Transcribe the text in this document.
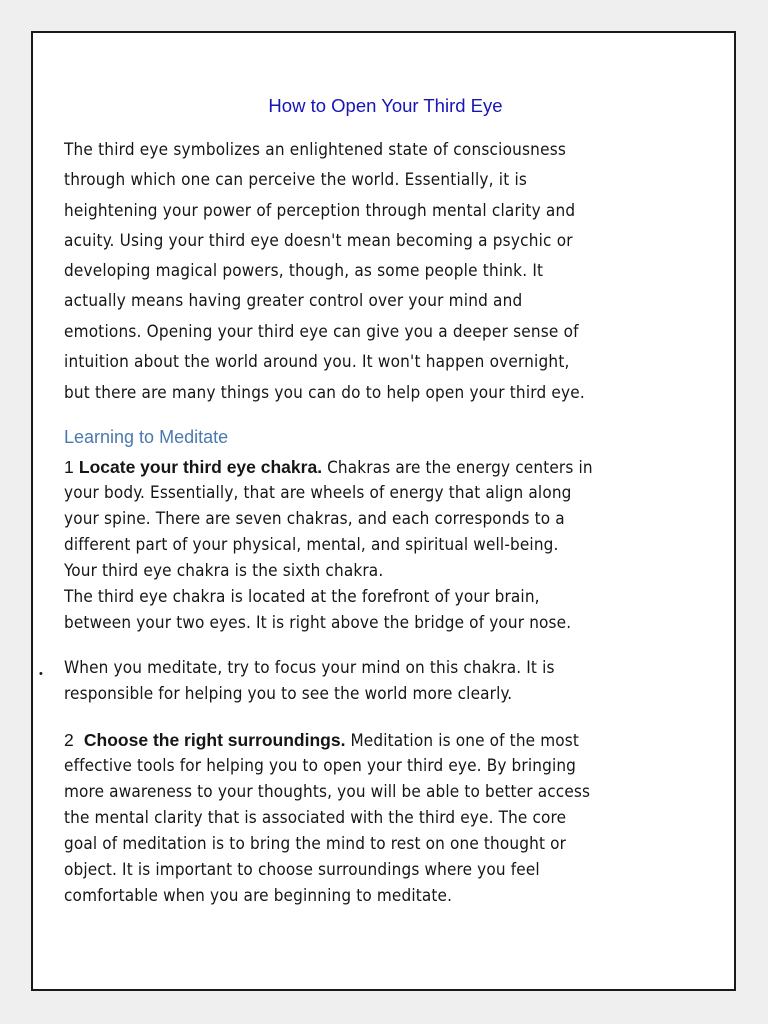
How to Open Your Third Eye
The third eye symbolizes an enlightened state of consciousness
through which one can perceive the world. Essentially, it is
heightening your power of perception through mental clarity and
acuity. Using your third eye doesn't mean becoming a psychic or
developing magical powers, though, as some people think. It
actually means having greater control over your mind and
emotions. Opening your third eye can give you a deeper sense of
intuition about the world around you. It won't happen overnight,
but there are many things you can do to help open your third eye.
Learning to Meditate
1 Locate your third eye chakra. Chakras are the energy centers in
your body. Essentially, that are wheels of energy that align along
your spine. There are seven chakras, and each corresponds to a
different part of your physical, mental, and spiritual well-being.
Your third eye chakra is the sixth chakra.
The third eye chakra is located at the forefront of your brain,
between your two eyes. It is right above the bridge of your nose.
• When you meditate, try to focus your mind on this chakra. It is
responsible for helping you to see the world more clearly.
2 Choose the right surroundings. Meditation is one of the most
effective tools for helping you to open your third eye. By bringing
more awareness to your thoughts, you will be able to better access
the mental clarity that is associated with the third eye. The core
goal of meditation is to bring the mind to rest on one thought or
object. It is important to choose surroundings where you feel
comfortable when you are beginning to meditate.
